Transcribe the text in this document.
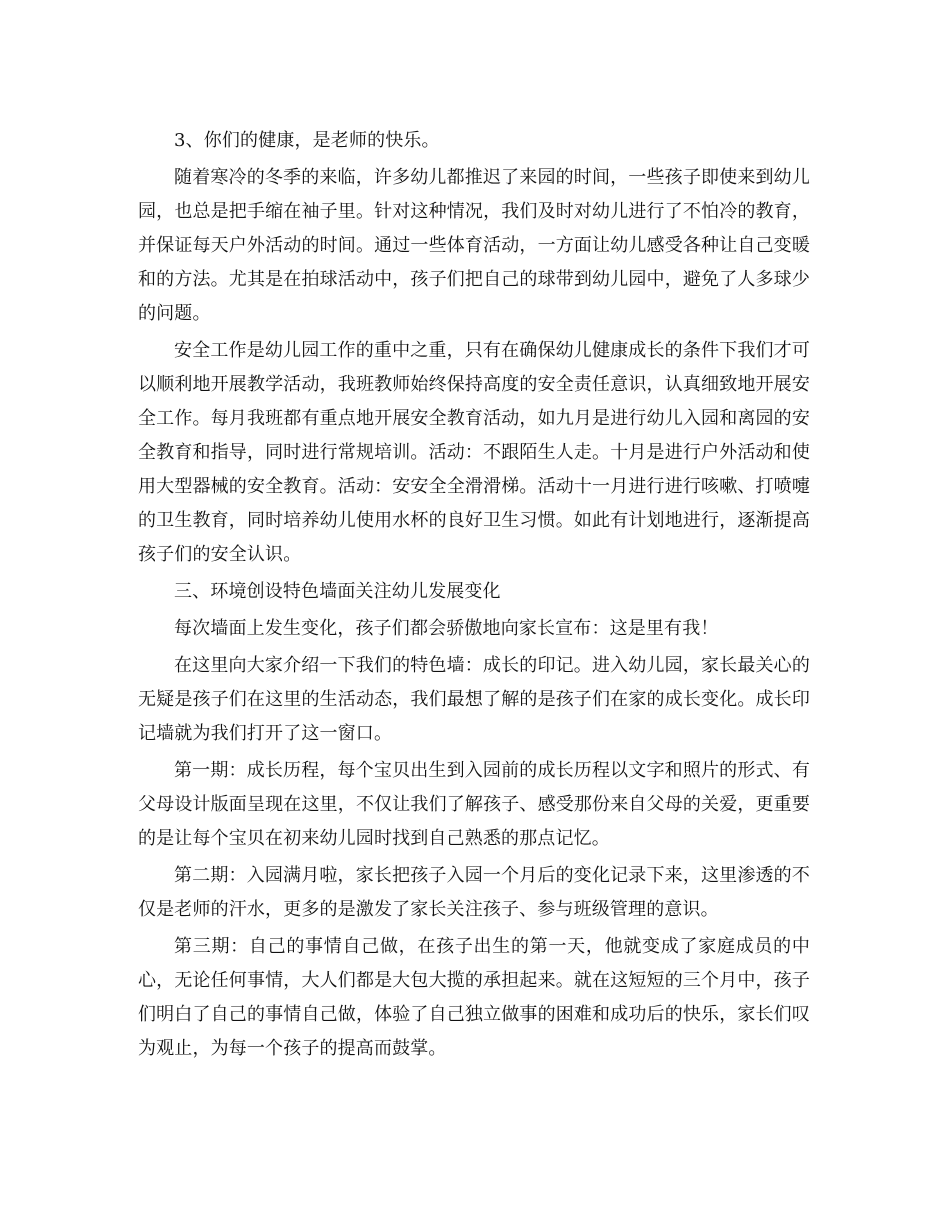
3、你们的健康，是老师的快乐。

随着寒冷的冬季的来临，许多幼儿都推迟了来园的时间，一些孩子即使来到幼儿园，也总是把手缩在袖子里。针对这种情况，我们及时对幼儿进行了不怕冷的教育，并保证每天户外活动的时间。通过一些体育活动，一方面让幼儿感受各种让自己变暖和的方法。尤其是在拍球活动中，孩子们把自己的球带到幼儿园中，避免了人多球少的问题。

安全工作是幼儿园工作的重中之重，只有在确保幼儿健康成长的条件下我们才可以顺利地开展教学活动，我班教师始终保持高度的安全责任意识，认真细致地开展安全工作。每月我班都有重点地开展安全教育活动，如九月是进行幼儿入园和离园的安全教育和指导，同时进行常规培训。活动：不跟陌生人走。十月是进行户外活动和使用大型器械的安全教育。活动：安安全全滑滑梯。活动十一月进行进行咳嗽、打喷嚏的卫生教育，同时培养幼儿使用水杯的良好卫生习惯。如此有计划地进行，逐渐提高孩子们的安全认识。

三、环境创设特色墙面关注幼儿发展变化

每次墙面上发生变化，孩子们都会骄傲地向家长宣布：这是里有我！

在这里向大家介绍一下我们的特色墙：成长的印记。进入幼儿园，家长最关心的无疑是孩子们在这里的生活动态，我们最想了解的是孩子们在家的成长变化。成长印记墙就为我们打开了这一窗口。

第一期：成长历程，每个宝贝出生到入园前的成长历程以文字和照片的形式、有父母设计版面呈现在这里，不仅让我们了解孩子、感受那份来自父母的关爱，更重要的是让每个宝贝在初来幼儿园时找到自己熟悉的那点记忆。

第二期：入园满月啦，家长把孩子入园一个月后的变化记录下来，这里渗透的不仅是老师的汗水，更多的是激发了家长关注孩子、参与班级管理的意识。

第三期：自己的事情自己做，在孩子出生的第一天，他就变成了家庭成员的中心，无论任何事情，大人们都是大包大揽的承担起来。就在这短短的三个月中，孩子们明白了自己的事情自己做，体验了自己独立做事的困难和成功后的快乐，家长们叹为观止，为每一个孩子的提高而鼓掌。
